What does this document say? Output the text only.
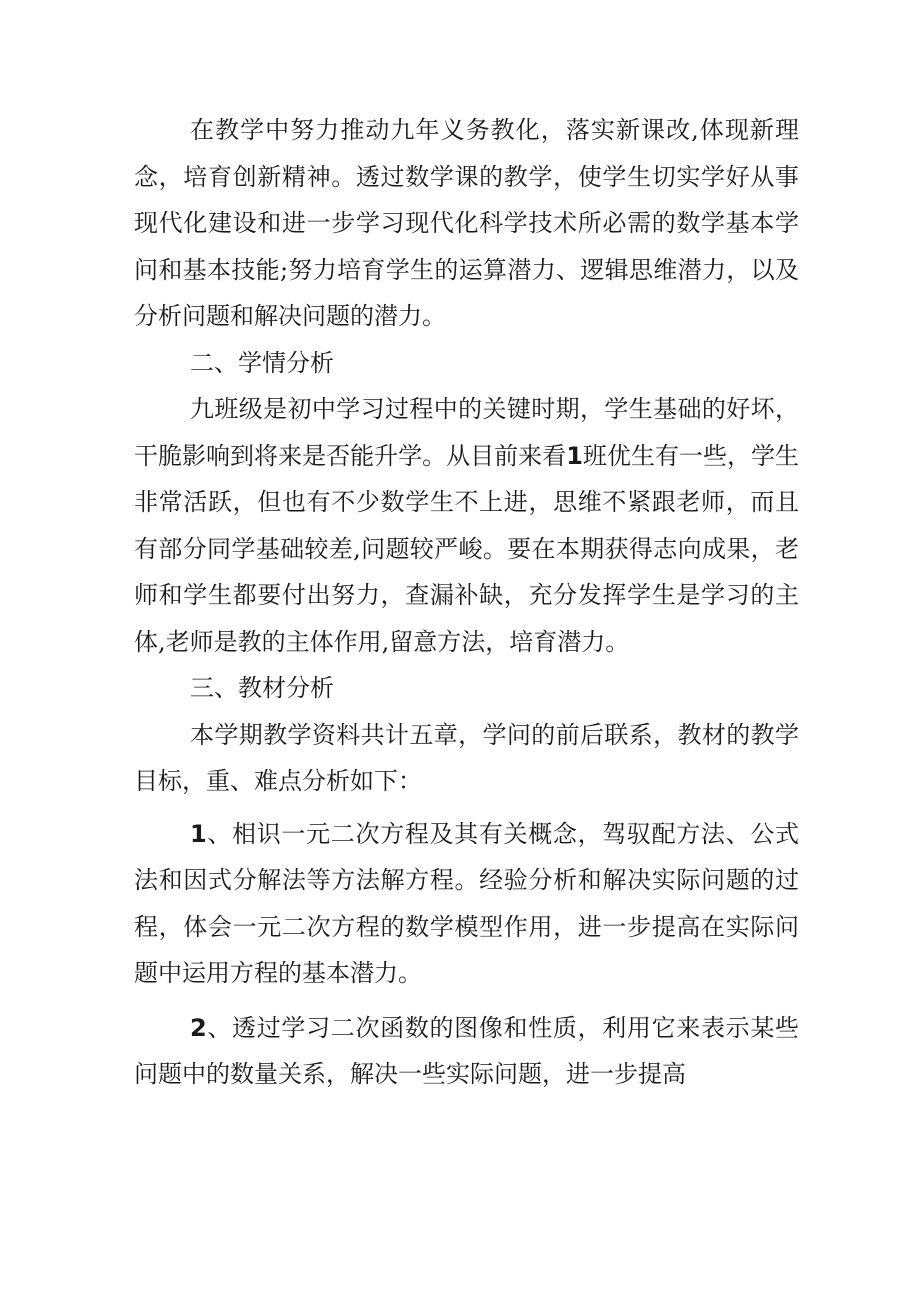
在教学中努力推动九年义务教化，落实新课改,体现新理念，培育创新精神。透过数学课的教学，使学生切实学好从事现代化建设和进一步学习现代化科学技术所必需的数学基本学问和基本技能;努力培育学生的运算潜力、逻辑思维潜力，以及分析问题和解决问题的潜力。

二、学情分析

九班级是初中学习过程中的关键时期，学生基础的好坏，干脆影响到将来是否能升学。从目前来看1班优生有一些，学生非常活跃，但也有不少数学生不上进，思维不紧跟老师，而且有部分同学基础较差,问题较严峻。要在本期获得志向成果，老师和学生都要付出努力，查漏补缺，充分发挥学生是学习的主体,老师是教的主体作用,留意方法，培育潜力。

三、教材分析

本学期教学资料共计五章，学问的前后联系，教材的教学目标，重、难点分析如下：

1、相识一元二次方程及其有关概念，驾驭配方法、公式法和因式分解法等方法解方程。经验分析和解决实际问题的过程，体会一元二次方程的数学模型作用，进一步提高在实际问题中运用方程的基本潜力。

2、透过学习二次函数的图像和性质，利用它来表示某些问题中的数量关系，解决一些实际问题，进一步提高
